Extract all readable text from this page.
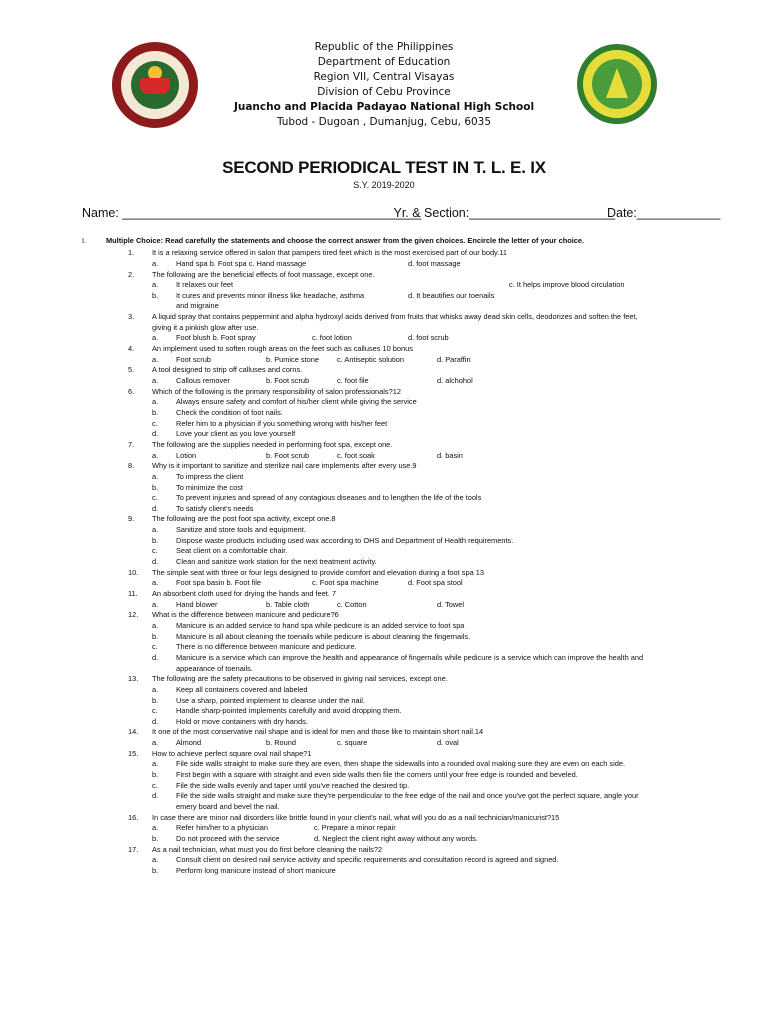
Republic of the Philippines
Department of Education
Region VII, Central Visayas
Division of Cebu Province
Juancho and Placida Padayao National High School
Tubod - Dugoan , Dumanjug, Cebu, 6035
SECOND PERIODICAL TEST IN T. L. E. IX
S.Y. 2019-2020
Name: ___________________________________________ Yr. & Section:_____________________ Date:____________
I.	Multiple Choice: Read carefully the statements and choose the correct answer from the given choices. Encircle the letter of your choice.
1. It is a relaxing service offered in salon that pampers tired feet which is the most exercised part of our body.11
a. Hand spa b. Foot spa c. Hand massage	d. foot massage
2. The following are the beneficial effects of foot massage, except one.
a. It relaxes our feet	c. It helps improve blood circulation
b. It cures and prevents minor illness like headache, asthma	d. It beautifies our toenails
and migraine
3. A liquid spray that contains peppermint and alpha hydroxyl acids derived from fruits that whisks away dead skin cells, deodorizes and soften the feet,
giving it a pinkish glow after use.
a. Foot blush b. Foot spray	c. foot lotion	d. foot scrub
4. An implement used to soften rough areas on the feet such as calluses 10 bonus
a. Foot scrub	b. Pumice stone c. Antiseptic solution	d. Paraffin
5. A tool designed to strip off calluses and corns.
a. Callous remover	b. Foot scrub	c. foot file	d. alchohol
6. Which of the following is the primary responsibility of salon professionals?12
a. Always ensure safety and comfort of his/her client while giving the service
b. Check the condition of foot nails.
c. Refer him to a physician if you something wrong with his/her feet
d. Love your client as you love yourself
7. The following are the supplies needed in performing foot spa, except one.
a. Lotion	b. Foot scrub	c. foot soak	d. basin
8. Why is it important to sanitize and sterilize nail care implements after every use.9
a. To impress the client
b. To minimize the cost
c. To prevent injuries and spread of any contagious diseases and to lengthen the life of the tools
d. To satisfy client's needs
9. The following are the post foot spa activity, except one.8
a. Sanitize and store tools and equipment.
b. Dispose waste products including used wax according to OHS and Department of Health requirements.
c. Seat client on a comfortable chair.
d. Clean and sanitize work station for the next treatment activity.
10. The simple seat with three or four legs designed to provide comfort and elevation during a foot spa 13
a. Foot spa basin b. Foot file	c. Foot spa machine	d. Foot spa stool
11. An absorbent cloth used for drying the hands and feet. 7
a. Hand blower	b. Table cloth	c. Cotton	d. Towel
12. What is the difference between manicure and pedicure?6
a. Manicure is an added service to hand spa while pedicure is an added service to foot spa
b. Manicure is all about cleaning the toenails while pedicure is about cleaning the fingernails.
c. There is no difference between manicure and pedicure.
d. Manicure is a service which can improve the health and appearance of fingernails while pedicure is a service which can improve the health and
appearance of toenails.
13. The following are the safety precautions to be observed in giving nail services, except one.
a. Keep all containers covered and labeled
b. Use a sharp, pointed implement to cleanse under the nail.
c. Handle sharp-pointed implements carefully and avoid dropping them.
d. Hold or move containers with dry hands.
14. It one of the most conservative nail shape and is ideal for men and those like to maintain short nail.14
a. Almond	b. Round	c. square	d. oval
15. How to achieve perfect square oval nail shape?1
a. File side walls straight to make sure they are even, then shape the sidewalls into a rounded oval making sure they are even on each side.
b. First begin with a square with straight and even side walls then file the corners until your free edge is rounded and beveled.
c. File the side walls evenly and taper until you've reached the desired tip.
d. File the side walls straight and make sure they're perpendicular to the free edge of the nail and once you've got the perfect square, angle your
emery board and bevel the nail.
16. In case there are minor nail disorders like brittle found in your client's nail, what will you do as a nail technician/manicurist?15
a. Refer him/her to a physician	c. Prepare a minor repair
b. Do not proceed with the service	d. Neglect the client right away without any words.
17. As a nail technician, what must you do first before cleaning the nails?2
a. Consult client on desired nail service activity and specific requirements and consultation record is agreed and signed.
b. Perform long manicure instead of short manicure
